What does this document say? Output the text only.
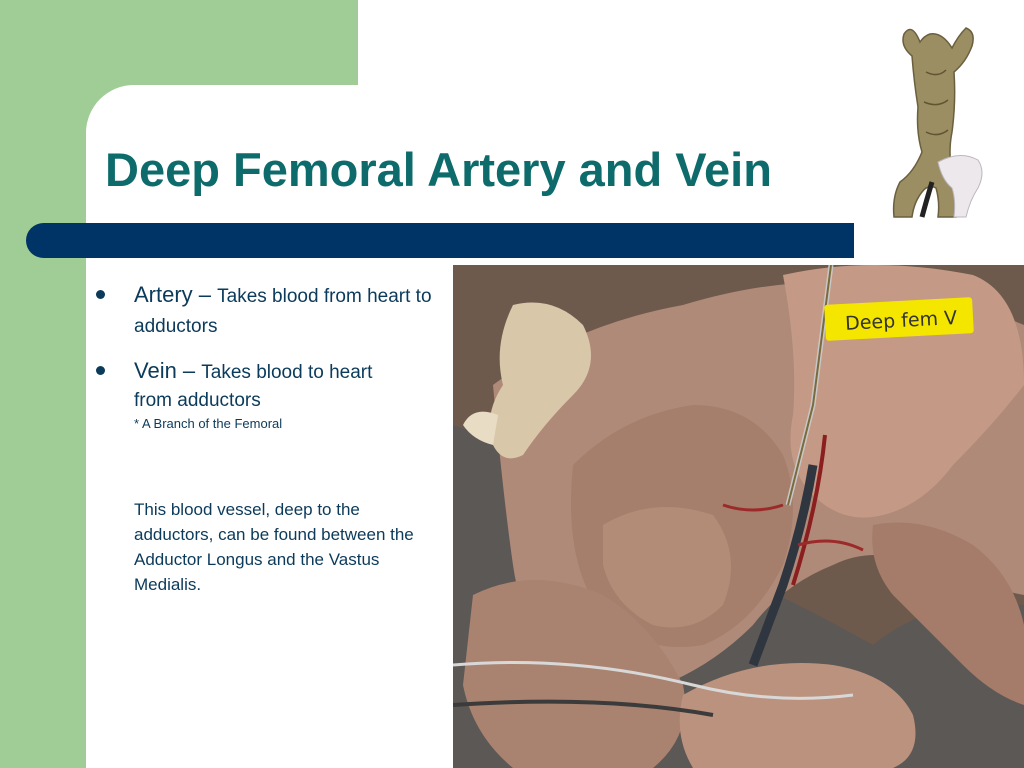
Deep Femoral Artery and Vein
Artery – Takes blood from heart to adductors
Vein – Takes blood to heart
from adductors
* A Branch of the Femoral
This blood vessel, deep to the adductors, can be found between the Adductor Longus and the Vastus Medialis.
Deep fem V
